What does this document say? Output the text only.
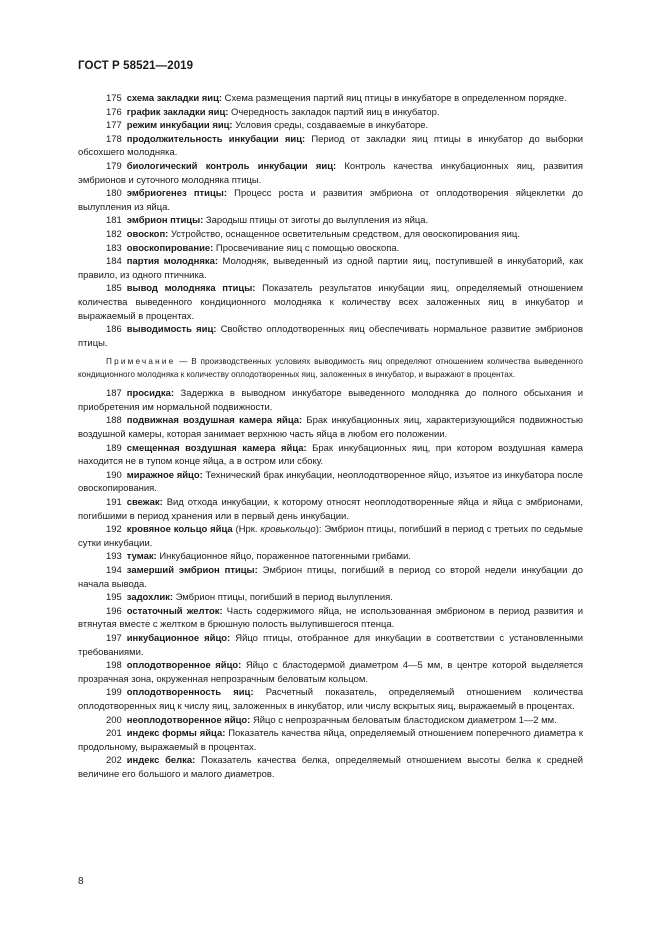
ГОСТ Р 58521—2019

175 схема закладки яиц: Схема размещения партий яиц птицы в инкубаторе в определенном порядке.

176 график закладки яиц: Очередность закладок партий яиц в инкубатор.

177 режим инкубации яиц: Условия среды, создаваемые в инкубаторе.

178 продолжительность инкубации яиц: Период от закладки яиц птицы в инкубатор до выборки обсохшего молодняка.

179 биологический контроль инкубации яиц: Контроль качества инкубационных яиц, развития эмбрионов и суточного молодняка птицы.

180 эмбриогенез птицы: Процесс роста и развития эмбриона от оплодотворения яйцеклетки до вылупления из яйца.

181 эмбрион птицы: Зародыш птицы от зиготы до вылупления из яйца.

182 овоскоп: Устройство, оснащенное осветительным средством, для овоскопирования яиц.

183 овоскопирование: Просвечивание яиц с помощью овоскопа.

184 партия молодняка: Молодняк, выведенный из одной партии яиц, поступившей в инкубаторий, как правило, из одного птичника.

185 вывод молодняка птицы: Показатель результатов инкубации яиц, определяемый отношением количества выведенного кондиционного молодняка к количеству всех заложенных яиц в инкубатор и выражаемый в процентах.

186 выводимость яиц: Свойство оплодотворенных яиц обеспечивать нормальное развитие эмбрионов птицы.

Примечание — В производственных условиях выводимость яиц определяют отношением количества выведенного кондиционного молодняка к количеству оплодотворенных яиц, заложенных в инкубатор, и выражают в процентах.

187 просидка: Задержка в выводном инкубаторе выведенного молодняка до полного обсыхания и приобретения им нормальной подвижности.

188 подвижная воздушная камера яйца: Брак инкубационных яиц, характеризующийся подвижностью воздушной камеры, которая занимает верхнюю часть яйца в любом его положении.

189 смещенная воздушная камера яйца: Брак инкубационных яиц, при котором воздушная камера находится не в тупом конце яйца, а в остром или сбоку.

190 миражное яйцо: Технический брак инкубации, неоплодотворенное яйцо, изъятое из инкубатора после овоскопирования.

191 свежак: Вид отхода инкубации, к которому относят неоплодотворенные яйца и яйца с эмбрионами, погибшими в период хранения или в первый день инкубации.

192 кровяное кольцо яйца (Нрк. кровькольцо): Эмбрион птицы, погибший в период с третьих по седьмые сутки инкубации.

193 тумак: Инкубационное яйцо, пораженное патогенными грибами.

194 замерший эмбрион птицы: Эмбрион птицы, погибший в период со второй недели инкубации до начала вывода.

195 задохлик: Эмбрион птицы, погибший в период вылупления.

196 остаточный желток: Часть содержимого яйца, не использованная эмбрионом в период развития и втянутая вместе с желтком в брюшную полость вылупившегося птенца.

197 инкубационное яйцо: Яйцо птицы, отобранное для инкубации в соответствии с установленными требованиями.

198 оплодотворенное яйцо: Яйцо с бластодермой диаметром 4—5 мм, в центре которой выделяется прозрачная зона, окруженная непрозрачным беловатым кольцом.

199 оплодотворенность яиц: Расчетный показатель, определяемый отношением количества оплодотворенных яиц к числу яиц, заложенных в инкубатор, или числу вскрытых яиц, выражаемый в процентах.

200 неоплодотворенное яйцо: Яйцо с непрозрачным беловатым бластодиском диаметром 1—2 мм.

201 индекс формы яйца: Показатель качества яйца, определяемый отношением поперечного диаметра к продольному, выражаемый в процентах.

202 индекс белка: Показатель качества белка, определяемый отношением высоты белка к средней величине его большого и малого диаметров.

8
